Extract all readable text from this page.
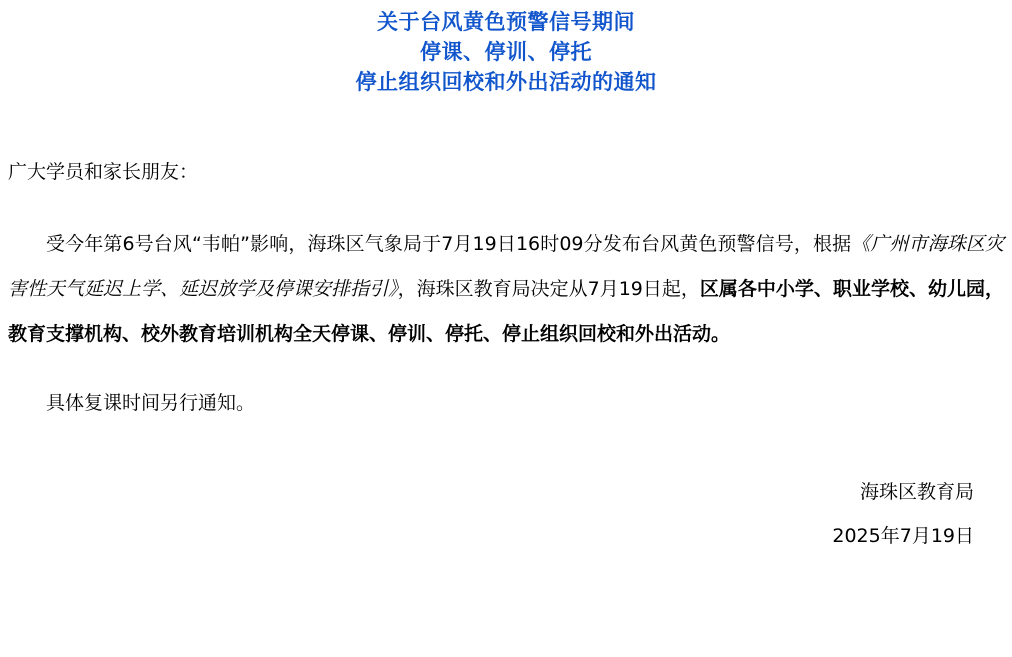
关于台风黄色预警信号期间
停课、停训、停托
停止组织回校和外出活动的通知
广大学员和家长朋友：
受今年第6号台风“韦帕”影响，海珠区气象局于7月19日16时09分发布台风黄色预警信号，根据《广州市海珠区灾害性天气延迟上学、延迟放学及停课安排指引》，海珠区教育局决定从7月19日起，区属各中小学、职业学校、幼儿园，教育支撑机构、校外教育培训机构全天停课、停训、停托、停止组织回校和外出活动。
具体复课时间另行通知。
海珠区教育局
2025年7月19日
